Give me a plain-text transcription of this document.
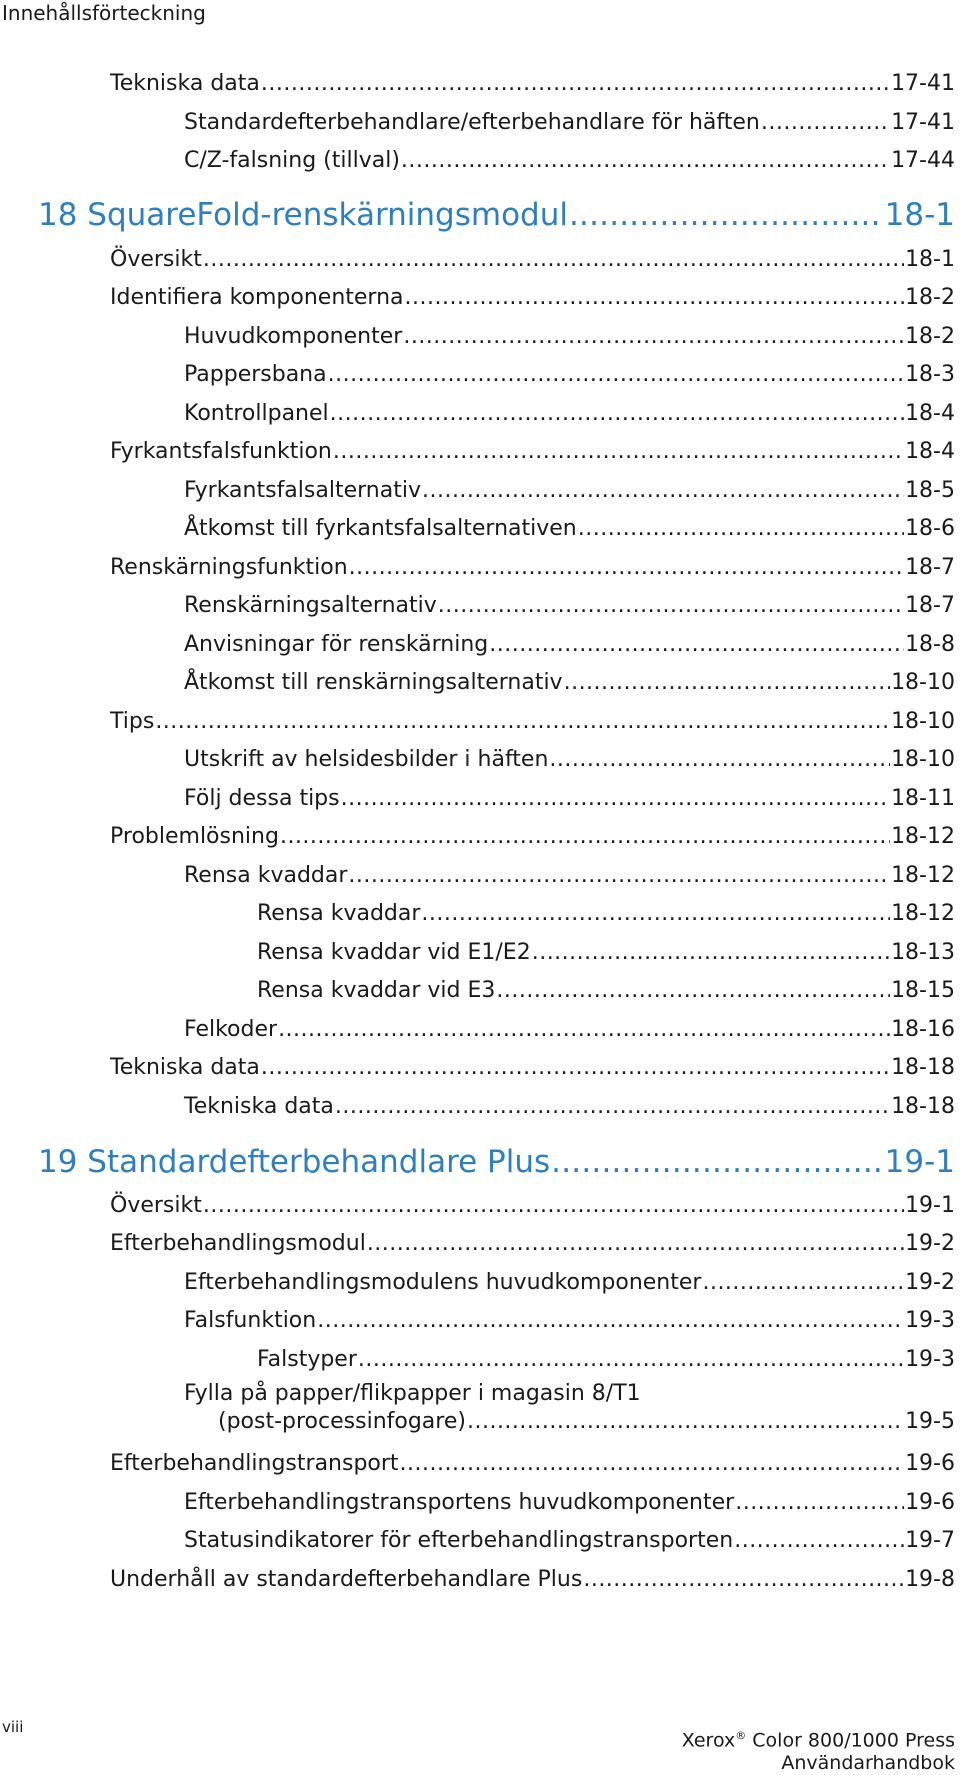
Innehållsförteckning
Tekniska data .....	17-41
Standardefterbehandlare/efterbehandlare för häften .....	17-41
C/Z-falsning (tillval) .....	17-44
18 SquareFold-renskärningsmodul .....	18-1
Översikt .....	18-1
Identifiera komponenterna .....	18-2
Huvudkomponenter .....	18-2
Pappersbana .....	18-3
Kontrollpanel .....	18-4
Fyrkantsfalsfunktion .....	18-4
Fyrkantsfalsalternativ .....	18-5
Åtkomst till fyrkantsfalsalternativen .....	18-6
Renskärningsfunktion .....	18-7
Renskärningsalternativ .....	18-7
Anvisningar för renskärning .....	18-8
Åtkomst till renskärningsalternativ .....	18-10
Tips .....	18-10
Utskrift av helsidesbilder i häften .....	18-10
Följ dessa tips .....	18-11
Problemlösning .....	18-12
Rensa kvaddar .....	18-12
Rensa kvaddar .....	18-12
Rensa kvaddar vid E1/E2 .....	18-13
Rensa kvaddar vid E3 .....	18-15
Felkoder .....	18-16
Tekniska data .....	18-18
Tekniska data .....	18-18
19 Standardefterbehandlare Plus .....	19-1
Översikt .....	19-1
Efterbehandlingsmodul .....	19-2
Efterbehandlingsmodulens huvudkomponenter .....	19-2
Falsfunktion .....	19-3
Falstyper .....	19-3
Fylla på papper/flikpapper i magasin 8/T1
(post-processinfogare) .....	19-5
Efterbehandlingstransport .....	19-6
Efterbehandlingstransportens huvudkomponenter .....	19-6
Statusindikatorer för efterbehandlingstransporten .....	19-7
Underhåll av standardefterbehandlare Plus .....	19-8
viii
Xerox® Color 800/1000 Press
Användarhandbok
